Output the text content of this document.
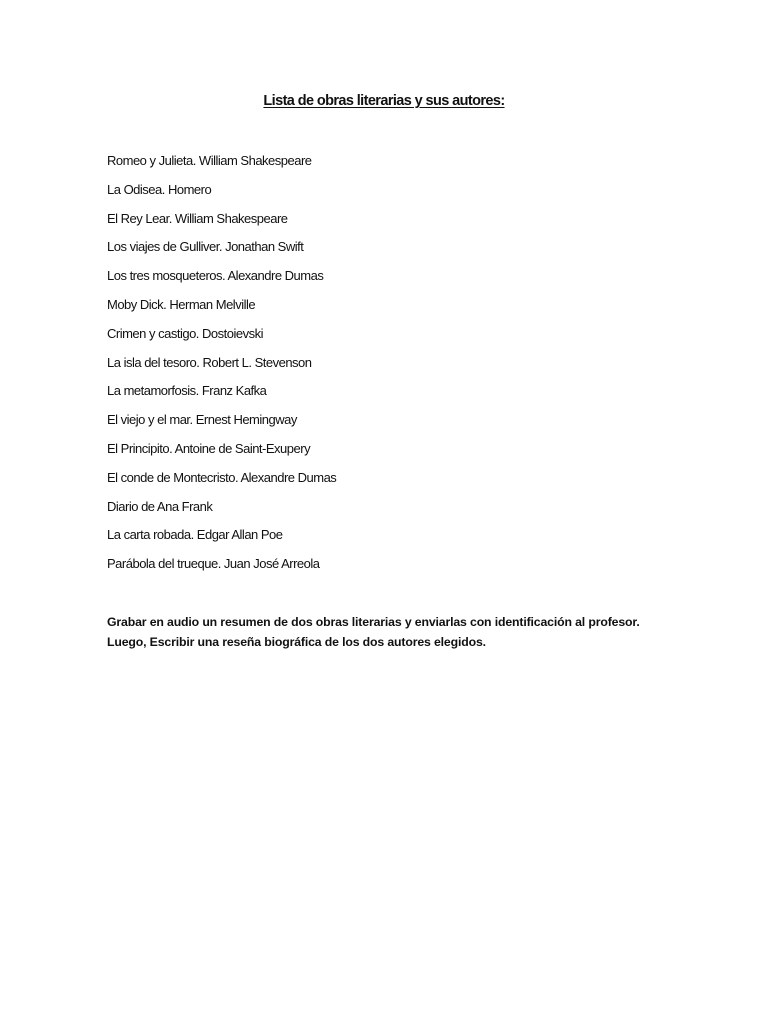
Lista de obras literarias y sus autores:
Romeo y Julieta. William Shakespeare
La Odisea. Homero
El Rey Lear. William Shakespeare
Los viajes de Gulliver. Jonathan Swift
Los tres mosqueteros. Alexandre Dumas
Moby Dick. Herman Melville
Crimen y castigo. Dostoievski
La isla del tesoro. Robert L. Stevenson
La metamorfosis. Franz Kafka
El viejo y el mar. Ernest Hemingway
El Principito. Antoine de Saint-Exupery
El conde de Montecristo. Alexandre Dumas
Diario de Ana Frank
La carta robada. Edgar Allan Poe
Parábola del trueque. Juan José Arreola

Grabar en audio un resumen de dos obras literarias y enviarlas con identificación al profesor.
Luego, Escribir una reseña biográfica de los dos autores elegidos.
